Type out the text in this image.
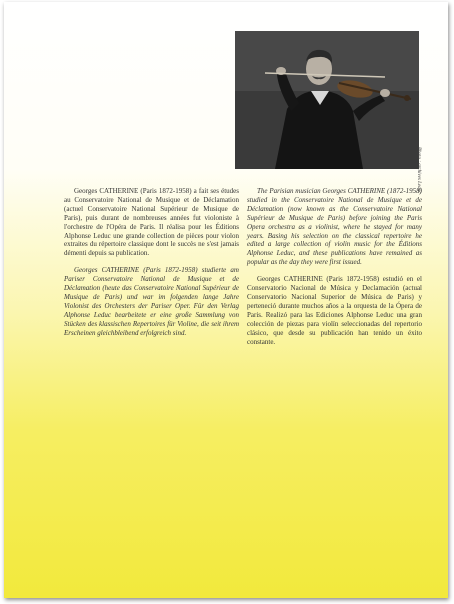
Photo : archives Leduc

Georges CATHERINE (Paris 1872-1958) a fait ses études au Conservatoire National de Musique et de Déclamation (actuel Conservatoire National Supérieur de Musique de Paris), puis durant de nombreuses années fut violoniste à l'orchestre de l'Opéra de Paris. Il réalisa pour les Éditions Alphonse Leduc une grande collection de pièces pour violon extraites du répertoire classique dont le succès ne s'est jamais démenti depuis sa publication.

Georges CATHERINE (Paris 1872-1958) studierte am Pariser Conservatoire National de Musique et de Déclamation (heute das Conservatoire National Supérieur de Musique de Paris) und war im folgenden lange Jahre Violonist des Orchesters der Pariser Oper. Für den Verlag Alphonse Leduc bearbeitete er eine große Sammlung von Stücken des klassischen Repertoires für Violine, die seit ihrem Erscheinen gleichbleibend erfolgreich sind.

The Parisian musician Georges CATHERINE (1872-1958) studied in the Conservatoire National de Musique et de Déclamation (now known as the Conservatoire National Supérieur de Musique de Paris) before joining the Paris Opera orchestra as a violinist, where he stayed for many years. Basing his selection on the classical repertoire he edited a large collection of violin music for the Éditions Alphonse Leduc, and these publications have remained as popular as the day they were first issued.

Georges CATHERINE (Paris 1872-1958) estudió en el Conservatorio Nacional de Música y Declamación (actual Conservatorio Nacional Superior de Música de Paris) y perteneció durante muchos años a la orquesta de la Ópera de Paris. Realizó para las Ediciones Alphonse Leduc una gran colección de piezas para violín seleccionadas del repertorio clásico, que desde su publicación han tenido un éxito constante.
